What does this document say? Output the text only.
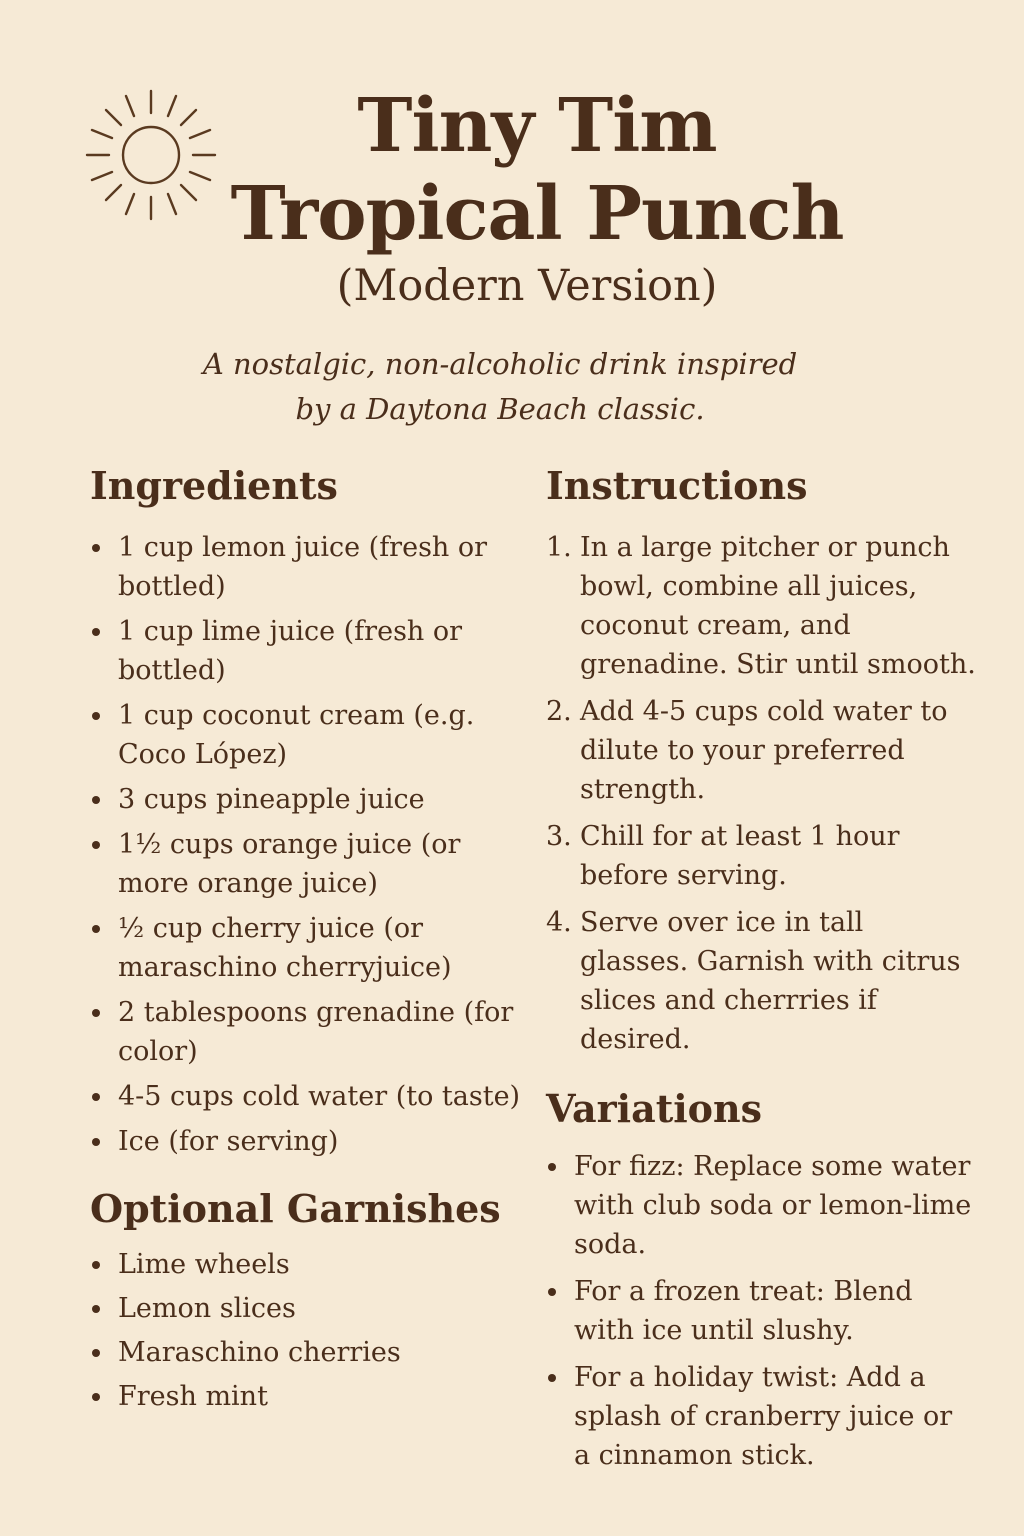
Tiny Tim
Tropical Punch

(Modern Version)

A nostalgic, non-alcoholic drink inspired
by a Daytona Beach classic.
Ingredients
1 cup lemon juice (fresh or bottled)
1 cup lime juice (fresh or bottled)
1 cup coconut cream (e.g. Coco López)
3 cups pineapple juice
1½ cups orange juice (or more orange juice)
½ cup cherry juice (or maraschino cherryjuice)
2 tablespoons grenadine (for color)
4-5 cups cold water (to taste)
Ice (for serving)
Optional Garnishes
Lime wheels
Lemon slices
Maraschino cherries
Fresh mint
Instructions
1. In a large pitcher or punch bowl, combine all juices, coconut cream, and grenadine. Stir until smooth.
2. Add 4-5 cups cold water to dilute to your preferred strength.
3. Chill for at least 1 hour before serving.
4. Serve over ice in tall glasses. Garnish with citrus slices and cherrries if desired.
Variations
For fizz: Replace some water with club soda or lemon-lime soda.
For a frozen treat: Blend with ice until slushy.
For a holiday twist: Add a splash of cranberry juice or a cinnamon stick.
